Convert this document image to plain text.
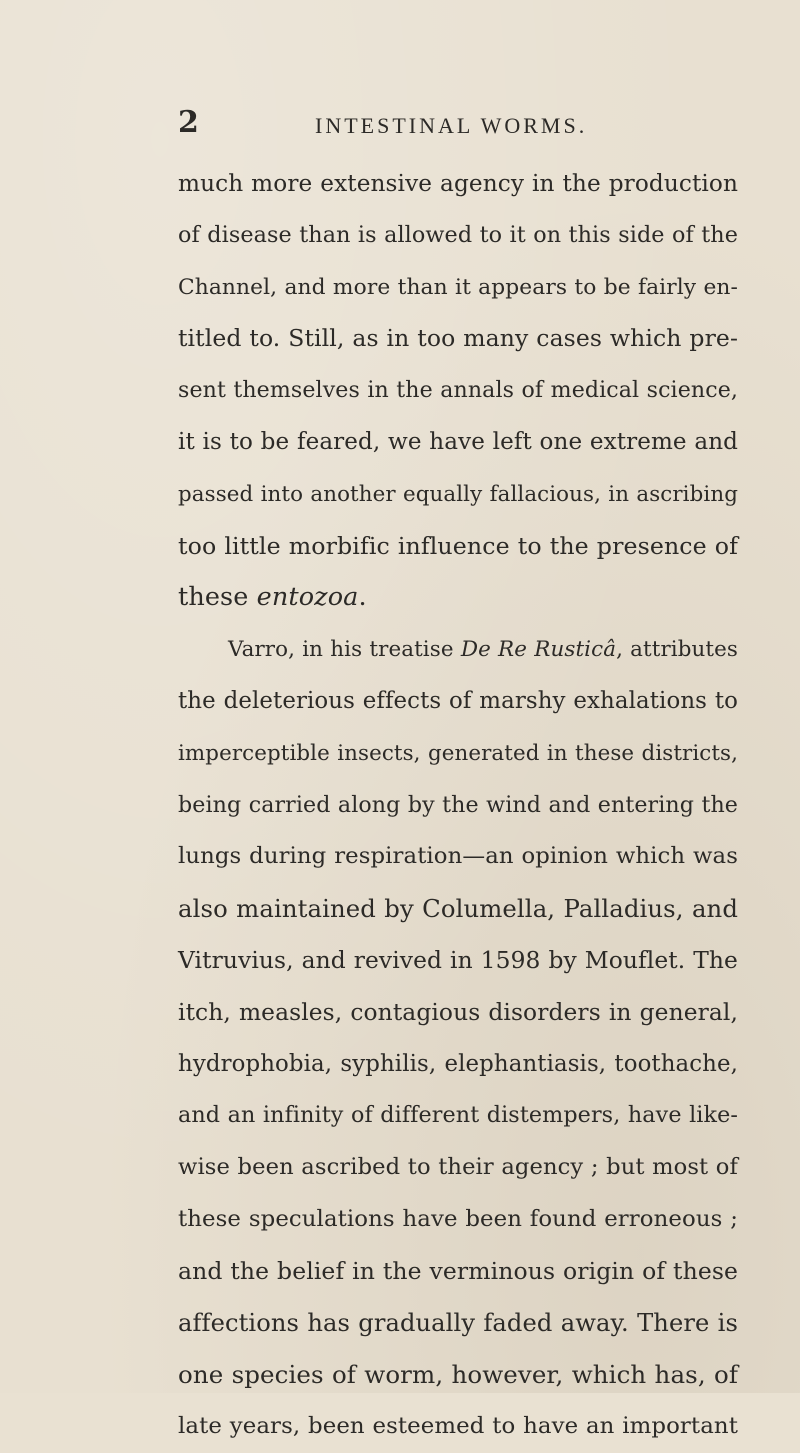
2	INTESTINAL WORMS.
much more extensive agency in the production
of disease than is allowed to it on this side of the
Channel, and more than it appears to be fairly en-
titled to. Still, as in too many cases which pre-
sent themselves in the annals of medical science,
it is to be feared, we have left one extreme and
passed into another equally fallacious, in ascribing
too little morbific influence to the presence of
these entozoa.
Varro, in his treatise De Re Rusticâ, attributes
the deleterious effects of marshy exhalations to
imperceptible insects, generated in these districts,
being carried along by the wind and entering the
lungs during respiration—an opinion which was
also maintained by Columella, Palladius, and
Vitruvius, and revived in 1598 by Mouflet. The
itch, measles, contagious disorders in general,
hydrophobia, syphilis, elephantiasis, toothache,
and an infinity of different distempers, have like-
wise been ascribed to their agency ; but most of
these speculations have been found erroneous ;
and the belief in the verminous origin of these
affections has gradually faded away. There is
one species of worm, however, which has, of
late years, been esteemed to have an important
